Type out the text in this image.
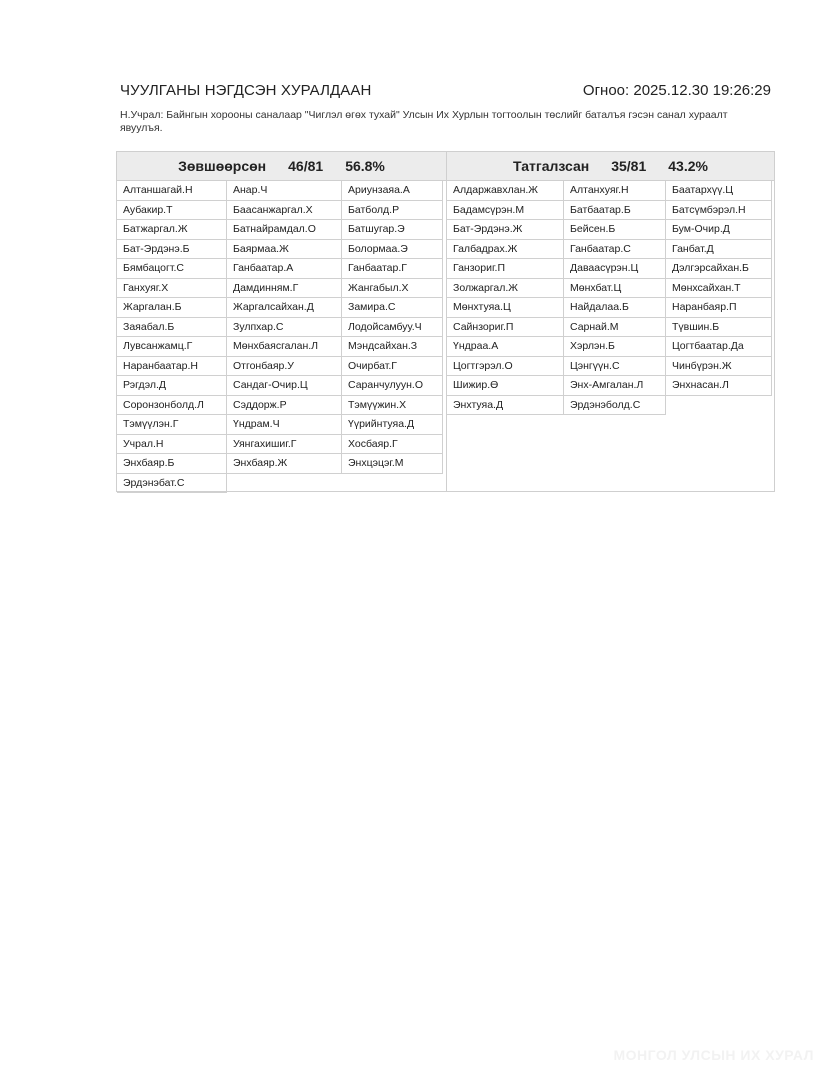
ЧУУЛГАНЫ НЭГДСЭН ХУРАЛДААН	Огноо: 2025.12.30 19:26:29
Н.Учрал: Байнгын хорооны саналаар "Чиглэл өгөх тухай" Улсын Их Хурлын тогтоолын төслийг баталъя гэсэн санал хураалт явуулъя.
Зөвшөөрсөн 46/81 56.8%
Алтаншагай.Н	Анар.Ч	Ариунзаяа.А
Аубакир.Т	Баасанжаргал.Х	Батболд.Р
Батжаргал.Ж	Батнайрамдал.О	Батшугар.Э
Бат-Эрдэнэ.Б	Баярмаа.Ж	Болормаа.Э
Бямбацогт.С	Ганбаатар.А	Ганбаатар.Г
Ганхуяг.Х	Дамдинням.Г	Жангабыл.Х
Жаргалан.Б	Жаргалсайхан.Д	Замира.С
Заяабал.Б	Зулпхар.С	Лодойсамбуу.Ч
Лувсанжамц.Г	Мөнхбаясгалан.Л	Мэндсайхан.З
Наранбаатар.Н	Отгонбаяр.У	Очирбат.Г
Рэгдэл.Д	Сандаг-Очир.Ц	Саранчулуун.О
Соронзонболд.Л	Сэддорж.Р	Тэмүүжин.Х
Тэмүүлэн.Г	Үндрам.Ч	Үүрийнтуяа.Д
Учрал.Н	Уянгахишиг.Г	Хосбаяр.Г
Энхбаяр.Б	Энхбаяр.Ж	Энхцэцэг.М
Эрдэнэбат.С
Татгалзсан 35/81 43.2%
Алдаржавхлан.Ж	Алтанхуяг.Н	Баатархүү.Ц
Бадамсүрэн.М	Батбаатар.Б	Батсүмбэрэл.Н
Бат-Эрдэнэ.Ж	Бейсен.Б	Бум-Очир.Д
Галбадрах.Ж	Ганбаатар.С	Ганбат.Д
Ганзориг.П	Даваасүрэн.Ц	Дэлгэрсайхан.Б
Золжаргал.Ж	Мөнхбат.Ц	Мөнхсайхан.Т
Мөнхтуяа.Ц	Найдалаа.Б	Наранбаяр.П
Сайнзориг.П	Сарнай.М	Түвшин.Б
Үндраа.А	Хэрлэн.Б	Цогтбаатар.Да
Цогтгэрэл.О	Цэнгүүн.С	Чинбүрэн.Ж
Шижир.Ө	Энх-Амгалан.Л	Энхнасан.Л
Энхтуяа.Д	Эрдэнэболд.С
МОНГОЛ УЛСЫН ИХ ХУРАЛ
